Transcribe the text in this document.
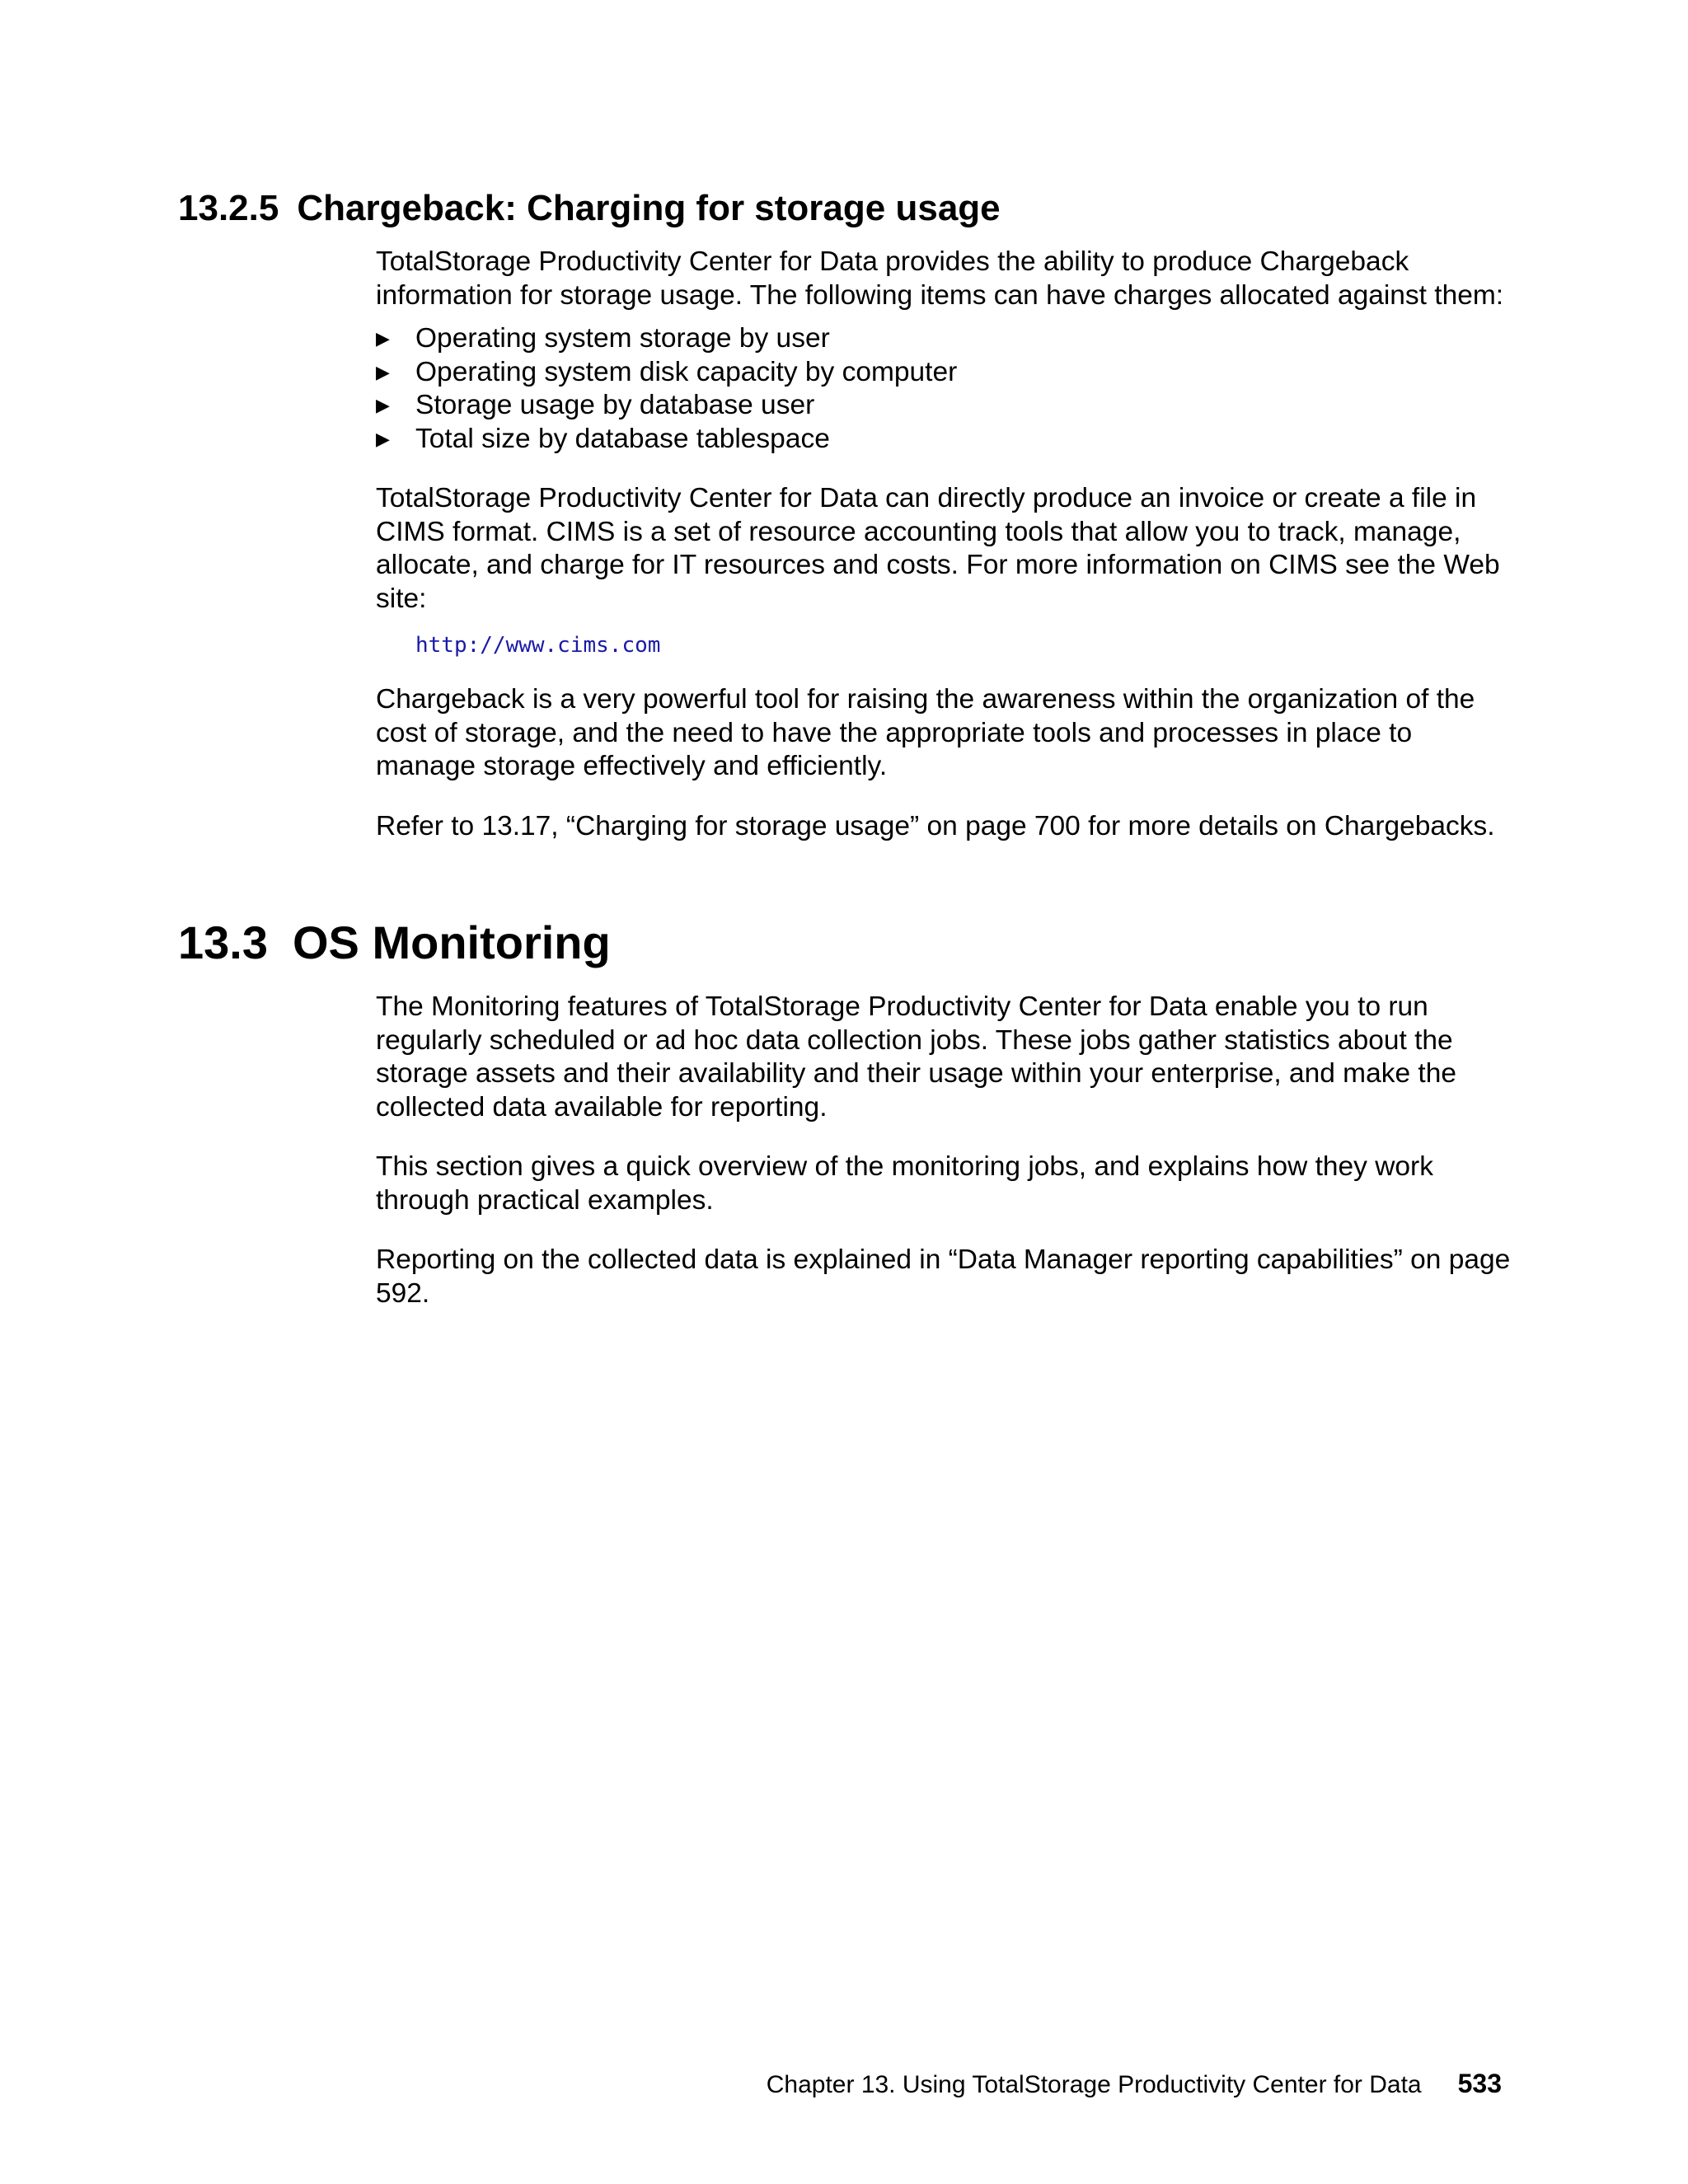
13.2.5 Chargeback: Charging for storage usage

TotalStorage Productivity Center for Data provides the ability to produce Chargeback information for storage usage. The following items can have charges allocated against them:

▶ Operating system storage by user
▶ Operating system disk capacity by computer
▶ Storage usage by database user
▶ Total size by database tablespace

TotalStorage Productivity Center for Data can directly produce an invoice or create a file in CIMS format. CIMS is a set of resource accounting tools that allow you to track, manage, allocate, and charge for IT resources and costs. For more information on CIMS see the Web site:

http://www.cims.com

Chargeback is a very powerful tool for raising the awareness within the organization of the cost of storage, and the need to have the appropriate tools and processes in place to manage storage effectively and efficiently.

Refer to 13.17, “Charging for storage usage” on page 700 for more details on Chargebacks.

13.3 OS Monitoring

The Monitoring features of TotalStorage Productivity Center for Data enable you to run regularly scheduled or ad hoc data collection jobs. These jobs gather statistics about the storage assets and their availability and their usage within your enterprise, and make the collected data available for reporting.

This section gives a quick overview of the monitoring jobs, and explains how they work through practical examples.

Reporting on the collected data is explained in “Data Manager reporting capabilities” on page 592.

Chapter 13. Using TotalStorage Productivity Center for Data 533
